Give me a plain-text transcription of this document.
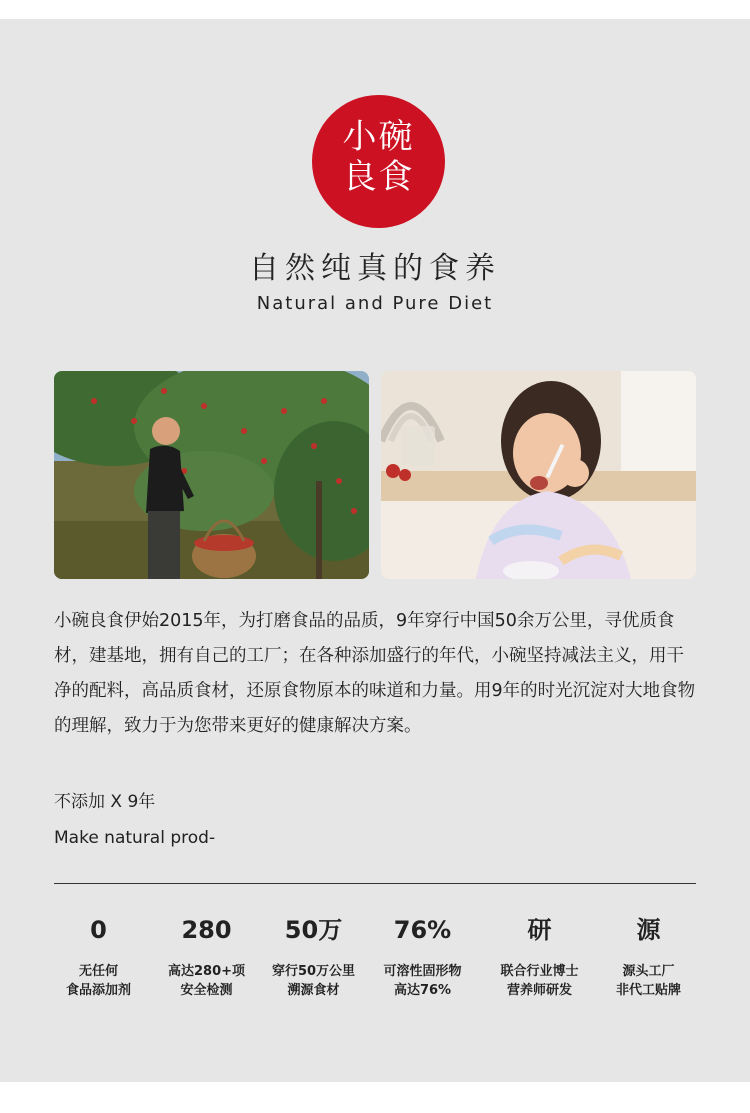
小碗
良食
自然纯真的食养
Natural and Pure Diet
小碗良食伊始2015年，为打磨食品的品质，9年穿行中国50余万公里，寻优质食材，建基地，拥有自己的工厂；在各种添加盛行的年代，小碗坚持减法主义，用干净的配料，高品质食材，还原食物原本的味道和力量。用9年的时光沉淀对大地食物的理解，致力于为您带来更好的健康解决方案。
不添加 X 9年
Make natural prod-
0
无任何
食品添加剂
280
高达280+项
安全检测
50万
穿行50万公里
溯源食材
76%
可溶性固形物
高达76%
研
联合行业博士
营养师研发
源
源头工厂
非代工贴牌
